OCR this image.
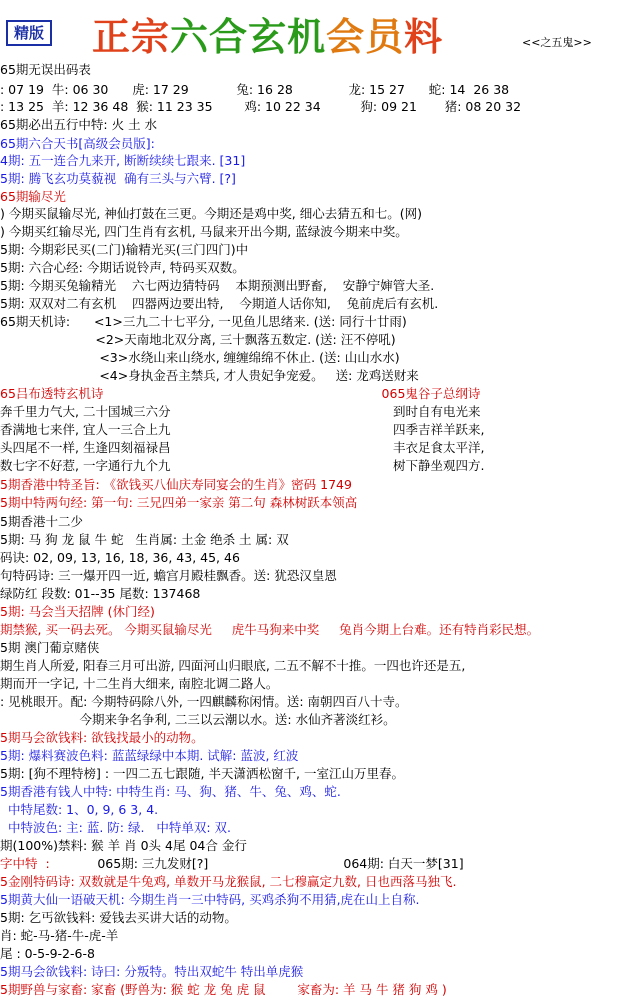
精版 正宗六合玄机会员料	<<之五鬼>>
65期无误出码表
: 07 19  牛: 06 30      虎: 17 29            兔: 16 28              龙: 15 27      蛇: 14  26 38
: 13 25  羊: 12 36 48  猴: 11 23 35        鸡: 10 22 34          狗: 09 21       猪: 08 20 32
65期必出五行中特: 火 土 水
65期六合天书[高级会员版]:
4期: 五一连合九来开, 断断续续七跟来. [31]
5期: 腾飞玄功莫藐视  确有三头与六臂. [?]
65期输尽光
) 今期买鼠输尽光, 神仙打鼓在三更。今期还是鸡中奖, 细心去猜五和七。(网)
) 今期买红输尽光, 四门生肖有玄机, 马鼠来开出今期, 蓝绿波今期来中奖。
5期: 今期彩民买(二门)输精光买(三门四门)中
5期: 六合心经: 今期话说铃声, 特码买双数。
5期: 今期买兔输精光    六七两边猜特码    本期预测出野畜,    安静宁婶管大圣.
5期: 双双对二有玄机    四器两边要出特,    今期道人话你知,    兔前虎后有玄机.
65期天机诗:      <1>三九二十七平分, 一见鱼儿思绪来. (送: 同行十廿雨)
<2>天南地北双分离, 三十飘落五数定. (送: 汪不停吼)
<3>水绕山来山绕水, 缠缠绵绵不休止. (送: 山山水水)
<4>身执金吾主禁兵, 才人贵妃争宠爱。   送: 龙鸡送财来
65吕布透特玄机诗                                                                      065鬼谷子总纲诗
奔千里力气大, 二十国城三六分                                                        到时自有电光来
香满地七来伴, 宜人一三合上九                                                        四季吉祥羊跃来,
头四尾不一样, 生逢四刻福禄昌                                                        丰衣足食太平洋,
数七字不好惹, 一字通行九个九                                                        树下静坐观四方.
5期香港中特圣旨: 《欲钱买八仙庆寿同宴会的生肖》密码 1749
5期中特两句经: 第一句: 三兄四弟一家亲 第二句 森林树跃本领高
5期香港十二少
5期: 马 狗 龙 鼠 牛 蛇   生肖属: 土金 绝杀 土 属: 双
码诀: 02, 09, 13, 16, 18, 36, 43, 45, 46
句特码诗: 三一爆开四一近, 蟾宫月殿桂飘香。送: 犹恐汉皇恩
绿防红 段数: 01--35 尾数: 137468
5期: 马会当天招牌 (休门经)
期禁猴, 买一码去死。 今期买鼠输尽光     虎牛马狗来中奖     兔肖今期上台难。还有特肖彩民想。
5期 澳门葡京赌侠
期生肖人所爱, 阳春三月可出游, 四面河山归眼底, 二五不解不十推。一四也许还是五,
期而开一字记, 十二生肖大细来, 南腔北调二路人。
: 见桃眼开。配: 今期特码除八外, 一四麒麟称闲情。送: 南朝四百八十寺。
今期来争名争利, 二三以云潮以水。送: 水仙齐著淡红衫。
5期马会欲钱料: 欲钱找最小的动物。
5期: 爆料赛波色料: 蓝蓝绿绿中本期. 试解: 蓝波, 红波
5期: [狗不理特榜] : 一四二五七跟随, 半天潇洒松窗千, 一室江山万里春。
5期香港有钱人中特: 中特生肖: 马、狗、猪、牛、兔、鸡、蛇.
中特尾数: 1、0, 9, 6 3, 4.
中特波色: 主: 蓝. 防: 绿.   中特单双: 双.
期(100%)禁料: 猴 羊 肖 0头 4尾 04合 金行
字中特  :            065期: 三九发财[?]                                  064期: 白天一梦[31]
5金刚特码诗: 双数就是牛兔鸡, 单数开马龙猴鼠, 二七穆赢定九数, 日也西落马独飞.
5期黄大仙一语破天机: 今期生肖一三中特码, 买鸡杀狗不用猜,虎在山上自称.
5期: 乞丐欲钱料: 爱钱去买讲大话的动物。
肖: 蛇-马-猪-牛-虎-羊
尾 : 0-5-9-2-6-8
5期马会欲钱料: 诗曰: 分叛特。特出双蛇牛 特出单虎猴
5期野兽与家畜: 家畜 (野兽为: 猴 蛇 龙 兔 虎 鼠        家畜为: 羊 马 牛 猪 狗 鸡 )
